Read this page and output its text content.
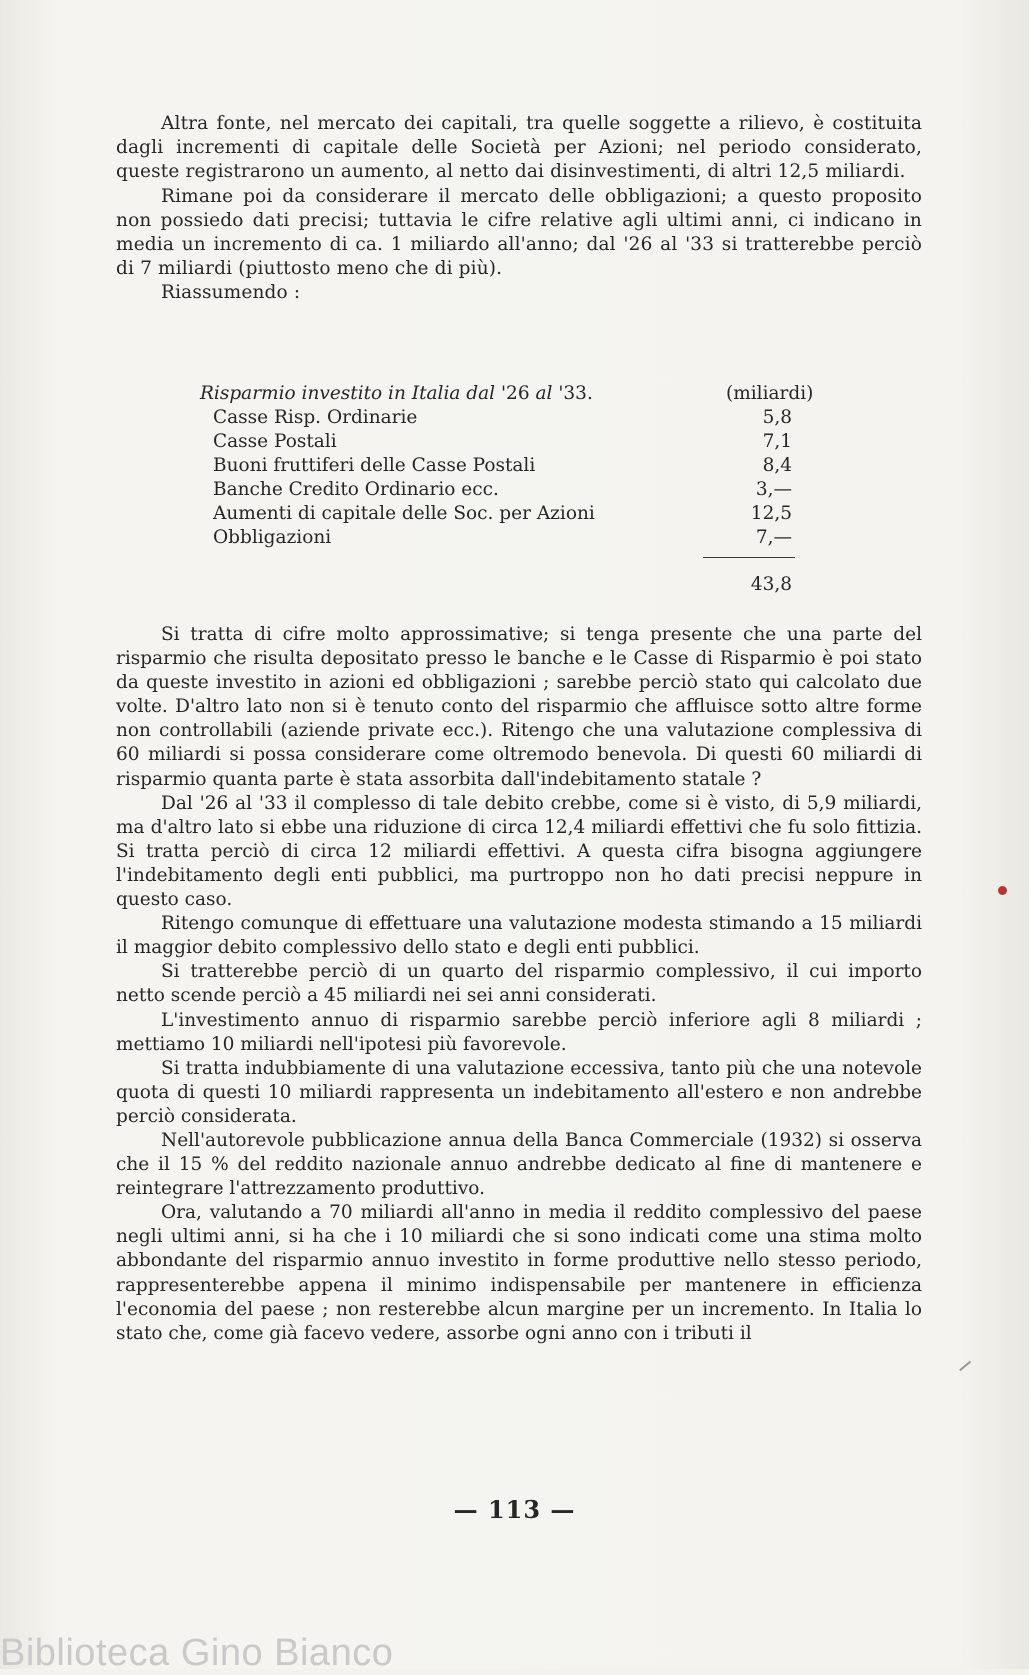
Altra fonte, nel mercato dei capitali, tra quelle soggette a rilievo, è costituita dagli incrementi di capitale delle Società per Azioni; nel periodo considerato, queste registrarono un aumento, al netto dai disinvestimenti, di altri 12,5 miliardi.

Rimane poi da considerare il mercato delle obbligazioni; a questo proposito non possiedo dati precisi; tuttavia le cifre relative agli ultimi anni, ci indicano in media un incremento di ca. 1 miliardo all'anno; dal '26 al '33 si tratterebbe perciò di 7 miliardi (piuttosto meno che di più).

Riassumendo :

Risparmio investito in Italia dal '26 al '33.	(miliardi)
Casse Risp. Ordinarie	5,8
Casse Postali	7,1
Buoni fruttiferi delle Casse Postali	8,4
Banche Credito Ordinario ecc.	3,—
Aumenti di capitale delle Soc. per Azioni	12,5
Obbligazioni	7,—
43,8

Si tratta di cifre molto approssimative; si tenga presente che una parte del risparmio che risulta depositato presso le banche e le Casse di Risparmio è poi stato da queste investito in azioni ed obbligazioni ; sarebbe perciò stato qui calcolato due volte. D'altro lato non si è tenuto conto del risparmio che affluisce sotto altre forme non controllabili (aziende private ecc.). Ritengo che una valutazione complessiva di 60 miliardi si possa considerare come oltremodo benevola. Di questi 60 miliardi di risparmio quanta parte è stata assorbita dall'indebitamento statale ?

Dal '26 al '33 il complesso di tale debito crebbe, come si è visto, di 5,9 miliardi, ma d'altro lato si ebbe una riduzione di circa 12,4 miliardi effettivi che fu solo fittizia. Si tratta perciò di circa 12 miliardi effettivi. A questa cifra bisogna aggiungere l'indebitamento degli enti pubblici, ma purtroppo non ho dati precisi neppure in questo caso.

Ritengo comunque di effettuare una valutazione modesta stimando a 15 miliardi il maggior debito complessivo dello stato e degli enti pubblici.

Si tratterebbe perciò di un quarto del risparmio complessivo, il cui importo netto scende perciò a 45 miliardi nei sei anni considerati.

L'investimento annuo di risparmio sarebbe perciò inferiore agli 8 miliardi ; mettiamo 10 miliardi nell'ipotesi più favorevole.

Si tratta indubbiamente di una valutazione eccessiva, tanto più che una notevole quota di questi 10 miliardi rappresenta un indebitamento all'estero e non andrebbe perciò considerata.

Nell'autorevole pubblicazione annua della Banca Commerciale (1932) si osserva che il 15 % del reddito nazionale annuo andrebbe dedicato al fine di mantenere e reintegrare l'attrezzamento produttivo.

Ora, valutando a 70 miliardi all'anno in media il reddito complessivo del paese negli ultimi anni, si ha che i 10 miliardi che si sono indicati come una stima molto abbondante del risparmio annuo investito in forme produttive nello stesso periodo, rappresenterebbe appena il minimo indispensabile per mantenere in efficienza l'economia del paese ; non resterebbe alcun margine per un incremento. In Italia lo stato che, come già facevo vedere, assorbe ogni anno con i tributi il

— 113 —
Biblioteca Gino Bianco
